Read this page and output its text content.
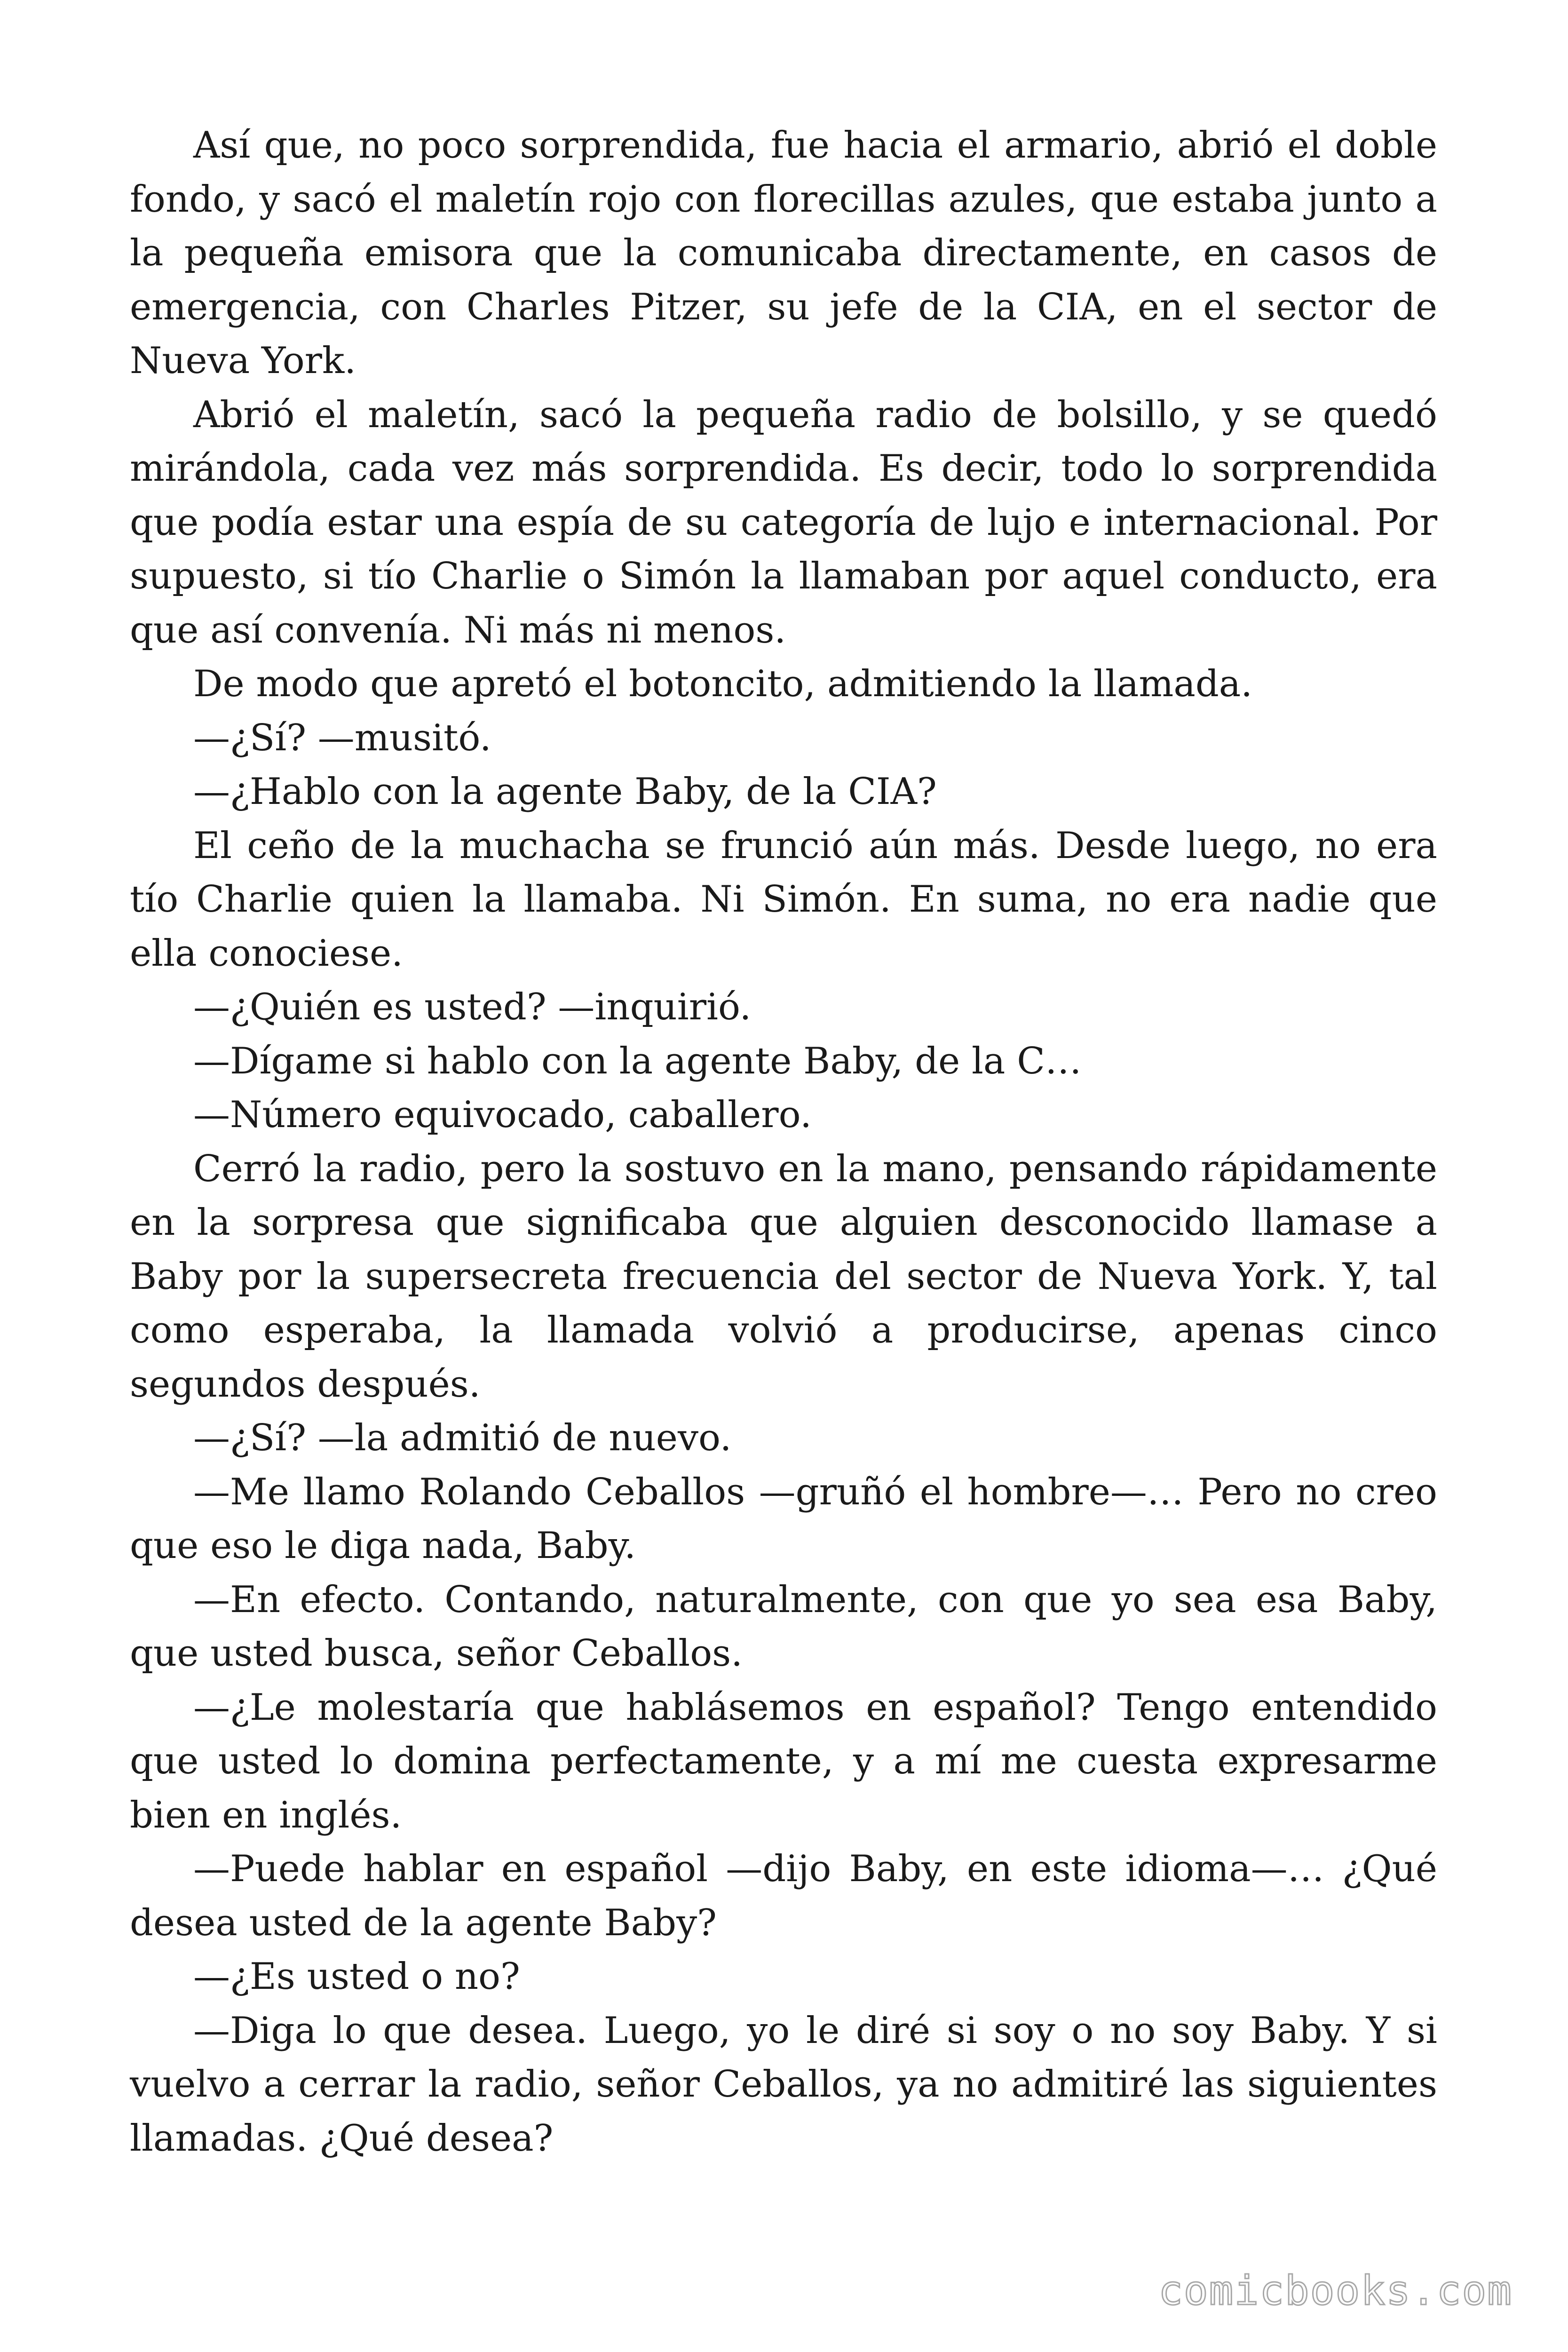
Así que, no poco sorprendida, fue hacia el armario, abrió el doble fondo, y sacó el maletín rojo con florecillas azules, que estaba junto a la pequeña emisora que la comunicaba directamente, en casos de emergencia, con Charles Pitzer, su jefe de la CIA, en el sector de Nueva York.

Abrió el maletín, sacó la pequeña radio de bolsillo, y se quedó mirándola, cada vez más sorprendida. Es decir, todo lo sorprendida que podía estar una espía de su categoría de lujo e internacional. Por supuesto, si tío Charlie o Simón la llamaban por aquel conducto, era que así convenía. Ni más ni menos.

De modo que apretó el botoncito, admitiendo la llamada.

—¿Sí? —musitó.

—¿Hablo con la agente Baby, de la CIA?

El ceño de la muchacha se frunció aún más. Desde luego, no era tío Charlie quien la llamaba. Ni Simón. En suma, no era nadie que ella conociese.

—¿Quién es usted? —inquirió.

—Dígame si hablo con la agente Baby, de la C…

—Número equivocado, caballero.

Cerró la radio, pero la sostuvo en la mano, pensando rápidamente en la sorpresa que significaba que alguien desconocido llamase a Baby por la supersecreta frecuencia del sector de Nueva York. Y, tal como esperaba, la llamada volvió a producirse, apenas cinco segundos después.

—¿Sí? —la admitió de nuevo.

—Me llamo Rolando Ceballos —gruñó el hombre—… Pero no creo que eso le diga nada, Baby.

—En efecto. Contando, naturalmente, con que yo sea esa Baby, que usted busca, señor Ceballos.

—¿Le molestaría que hablásemos en español? Tengo entendido que usted lo domina perfectamente, y a mí me cuesta expresarme bien en inglés.

—Puede hablar en español —dijo Baby, en este idioma—… ¿Qué desea usted de la agente Baby?

—¿Es usted o no?

—Diga lo que desea. Luego, yo le diré si soy o no soy Baby. Y si vuelvo a cerrar la radio, señor Ceballos, ya no admitiré las siguientes llamadas. ¿Qué desea?

comicbooks.com
